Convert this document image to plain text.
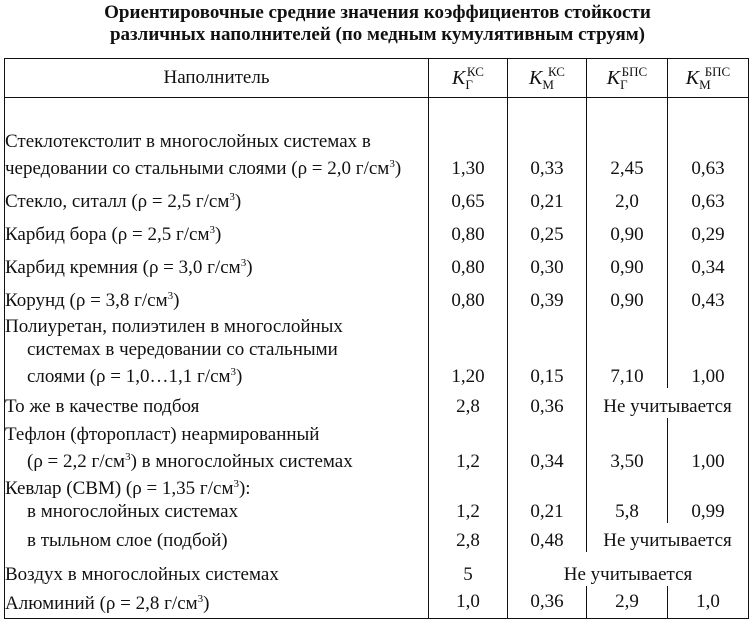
Ориентировочные средние значения коэффициентов стойкости
различных наполнителей (по медным кумулятивным струям)
Наполнитель	$K_Г^{КС}$	$K_М^{КС}$	$K_Г^{БПС}$	$K_М^{БПС}$
Стеклотекстолит в многослойных системах в чередовании со стальными слоями (ρ = 2,0 $г/см^3$)	1,30	0,33	2,45	0,63
Стекло, ситалл (ρ = 2,5 $г/см^3$)	0,65	0,21	2,0	0,63
Карбид бора (ρ = 2,5 $г/см^3$)	0,80	0,25	0,90	0,29
Карбид кремния (ρ = 3,0 $г/см^3$)	0,80	0,30	0,90	0,34
Корунд (ρ = 3,8 $г/см^3$)	0,80	0,39	0,90	0,43

Полиуретан, полиэтилен в многослойных
системах в чередовании со стальными
слоями (ρ = 1,0…1,1 $г/см^3$)	1,20	0,15	7,10	1,00
То же в качестве подбоя	2,8	0,36	Не учитывается	

Тефлон (фторопласт) неармированный
(ρ = 2,2 $г/см^3$) в многослойных системах	1,2	0,34	3,50	1,00

Кевлар (СВМ) (ρ = 1,35 $г/см^3$):
в многослойных системах	1,2	0,21	5,8	0,99

в тыльном слое (подбой)	2,8	0,48	Не учитывается	
Воздух в многослойных системах	5	Не учитывается		
Алюминий (ρ = 2,8 $г/см^3$)	1,0	0,36	2,9	1,0
